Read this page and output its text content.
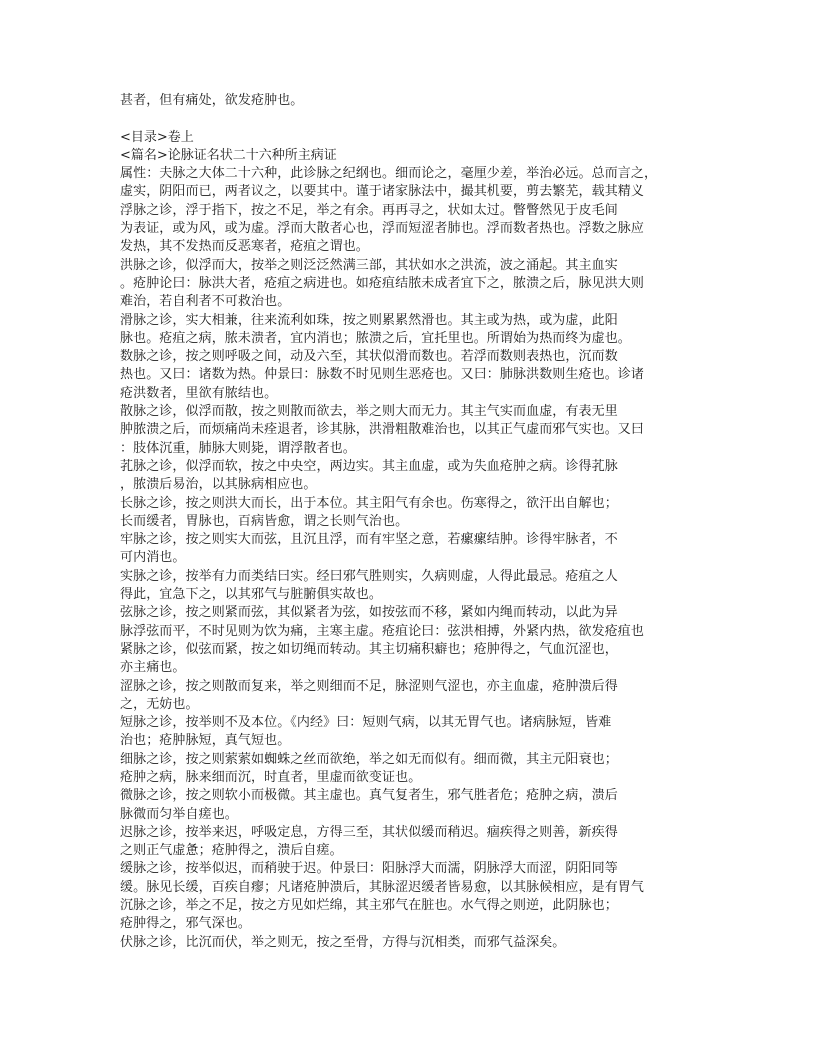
甚者，但有痛处，欲发疮肿也。
<目录>卷上
<篇名>论脉证名状二十六种所主病证
属性：夫脉之大体二十六种，此诊脉之纪纲也。细而论之，毫厘少差，举治必远。总而言之，
虚实，阴阳而已，两者议之，以要其中。谨于诸家脉法中，撮其机要，剪去繁芜，载其精义
浮脉之诊，浮于指下，按之不足，举之有余。再再寻之，状如太过。瞥瞥然见于皮毛间
为表证，或为风，或为虚。浮而大散者心也，浮而短涩者肺也。浮而数者热也。浮数之脉应
发热，其不发热而反恶寒者，疮疽之谓也。
洪脉之诊，似浮而大，按举之则泛泛然满三部，其状如水之洪流，波之涌起。其主血实
。疮肿论曰：脉洪大者，疮疽之病进也。如疮疽结脓未成者宜下之，脓溃之后，脉见洪大则
难治，若自利者不可救治也。
滑脉之诊，实大相兼，往来流利如珠，按之则累累然滑也。其主或为热，或为虚，此阳
脉也。疮疽之病，脓未溃者，宜内消也；脓溃之后，宜托里也。所谓始为热而终为虚也。
数脉之诊，按之则呼吸之间，动及六至，其状似滑而数也。若浮而数则表热也，沉而数
热也。又曰：诸数为热。仲景曰：脉数不时见则生恶疮也。又曰：肺脉洪数则生疮也。诊诸
疮洪数者，里欲有脓结也。
散脉之诊，似浮而散，按之则散而欲去，举之则大而无力。其主气实而血虚，有表无里
肿脓溃之后，而烦痛尚未痊退者，诊其脉，洪滑粗散难治也，以其正气虚而邪气实也。又曰
：肢体沉重，肺脉大则毙，谓浮散者也。
芤脉之诊，似浮而软，按之中央空，两边实。其主血虚，或为失血疮肿之病。诊得芤脉
，脓溃后易治，以其脉病相应也。
长脉之诊，按之则洪大而长，出于本位。其主阳气有余也。伤寒得之，欲汗出自解也；
长而缓者，胃脉也，百病皆愈，谓之长则气治也。
牢脉之诊，按之则实大而弦，且沉且浮，而有牢坚之意，若瘰瘰结肿。诊得牢脉者，不
可内消也。
实脉之诊，按举有力而类结曰实。经曰邪气胜则实，久病则虚，人得此最忌。疮疽之人
得此，宜急下之，以其邪气与脏腑俱实故也。
弦脉之诊，按之则紧而弦，其似紧者为弦，如按弦而不移，紧如内绳而转动，以此为异
脉浮弦而平，不时见则为饮为痛，主寒主虚。疮疽论曰：弦洪相搏，外紧内热，欲发疮疽也
紧脉之诊，似弦而紧，按之如切绳而转动。其主切痛积癖也；疮肿得之，气血沉涩也，
亦主痛也。
涩脉之诊，按之则散而复来，举之则细而不足，脉涩则气涩也，亦主血虚，疮肿溃后得
之，无妨也。
短脉之诊，按举则不及本位。《内经》曰：短则气病，以其无胃气也。诸病脉短，皆难
治也；疮肿脉短，真气短也。
细脉之诊，按之则萦萦如蜘蛛之丝而欲绝，举之如无而似有。细而微，其主元阳衰也；
疮肿之病，脉来细而沉，时直者，里虚而欲变证也。
微脉之诊，按之则软小而极微。其主虚也。真气复者生，邪气胜者危；疮肿之病，溃后
脉微而匀举自瘥也。
迟脉之诊，按举来迟，呼吸定息，方得三至，其状似缓而稍迟。痼疾得之则善，新疾得
之则正气虚惫；疮肿得之，溃后自瘥。
缓脉之诊，按举似迟，而稍驶于迟。仲景曰：阳脉浮大而濡，阴脉浮大而涩，阴阳同等
缓。脉见长缓，百疾自瘳；凡诸疮肿溃后，其脉涩迟缓者皆易愈，以其脉候相应，是有胃气
沉脉之诊，举之不足，按之方见如烂绵，其主邪气在脏也。水气得之则逆，此阴脉也；
疮肿得之，邪气深也。
伏脉之诊，比沉而伏，举之则无，按之至骨，方得与沉相类，而邪气益深矣。
